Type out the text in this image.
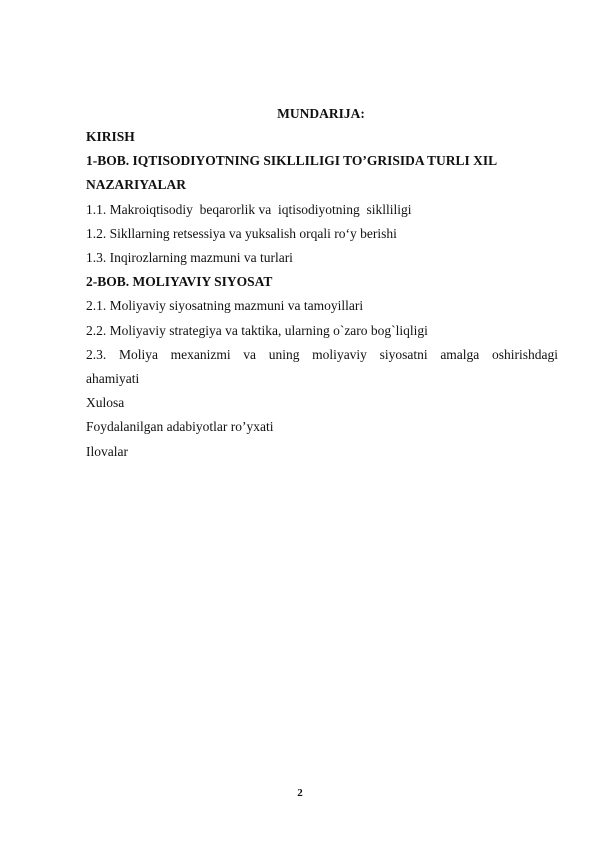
MUNDARIJA:
KIRISH
1-BOB. IQTISODIYOTNING SIKLLILIGI TO’GRISIDA TURLI XIL
NAZARIYALAR
1.1. Makroiqtisodiy  beqarorlik va  iqtisodiyotning  siklliligi
1.2. Sikllarning retsessiya va yuksalish orqali ro‘y berishi
1.3. Inqirozlarning mazmuni va turlari
2-BOB. MOLIYAVIY SIYOSAT
2.1. Moliyaviy siyosatning mazmuni va tamoyillari
2.2. Moliyaviy strategiya va taktika, ularning o`zaro bog`liqligi
2.3. Moliya mexanizmi va uning moliyaviy siyosatni amalga oshirishdagi
ahamiyati
Xulosa
Foydalanilgan adabiyotlar ro’yxati
Ilovalar
2
